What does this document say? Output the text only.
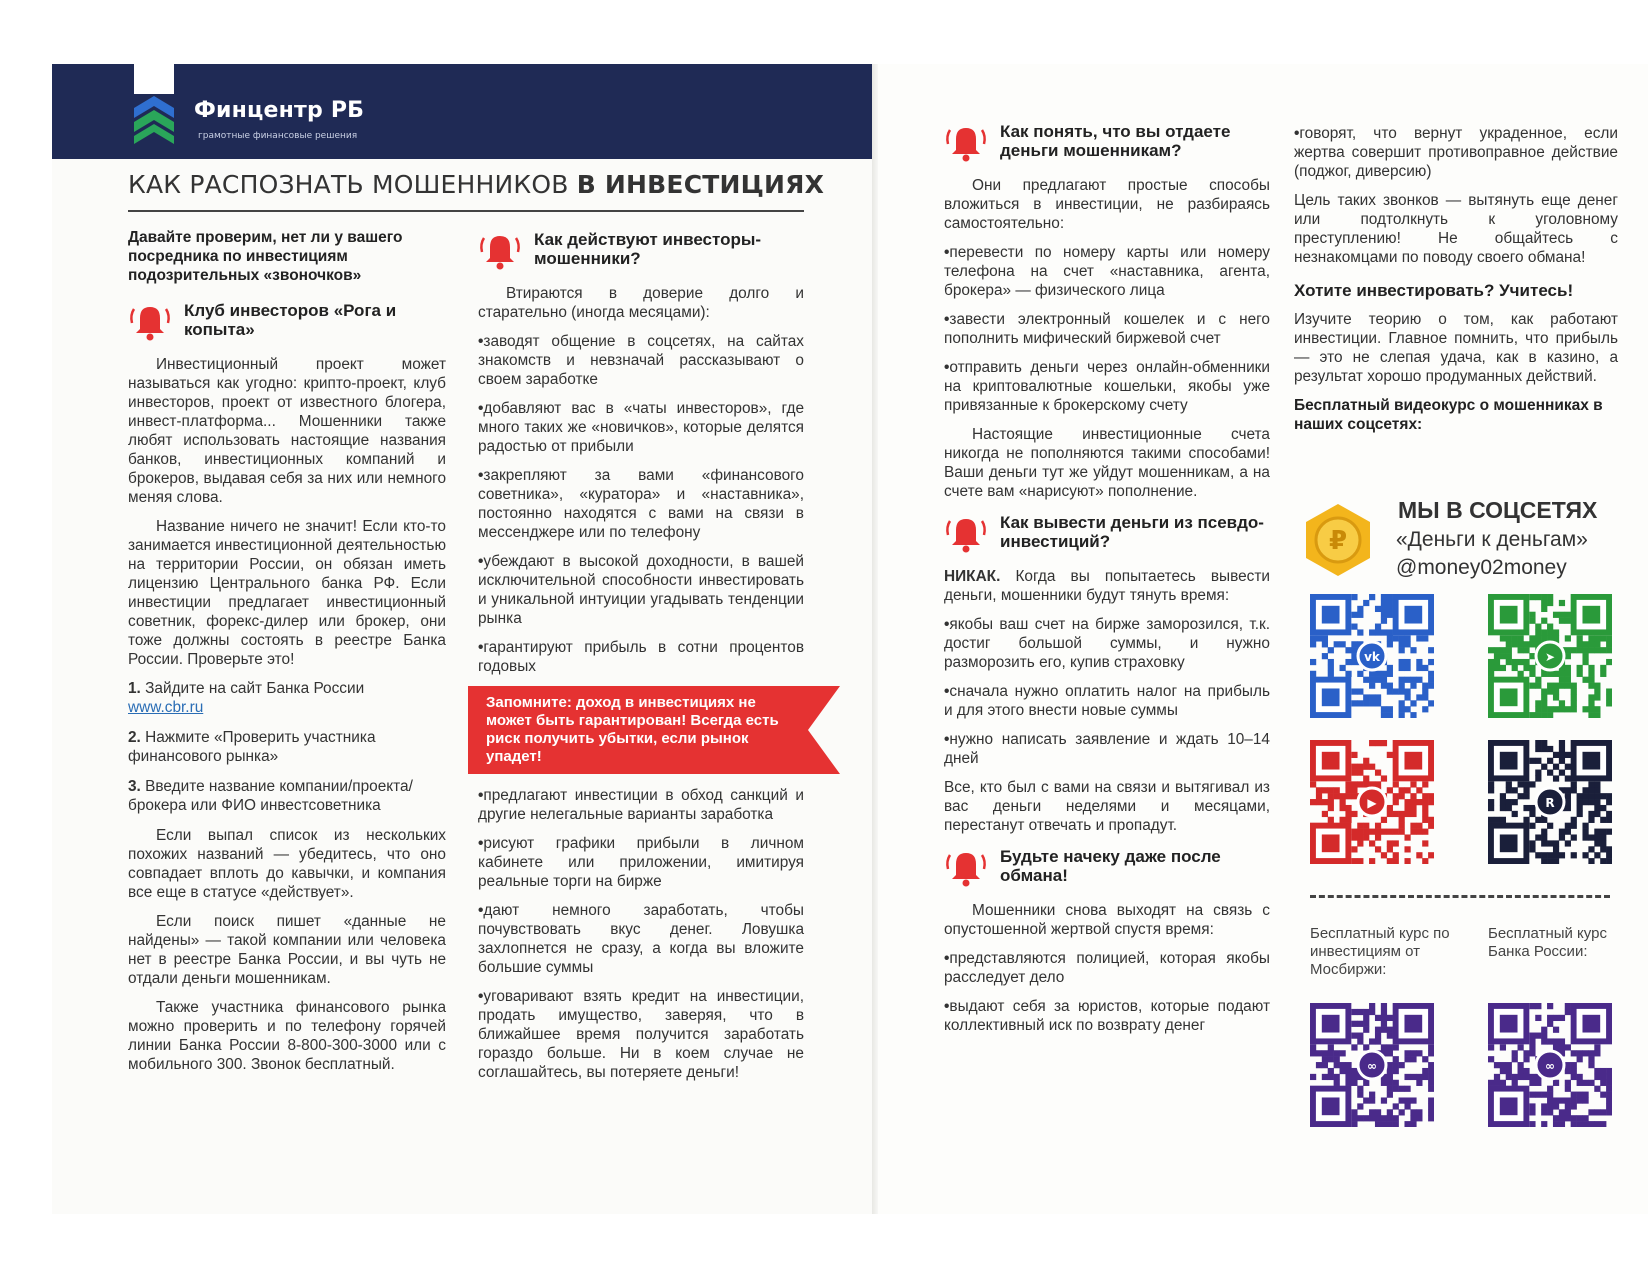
Финцентр РБ
грамотные финансовые решения
КАК РАСПОЗНАТЬ МОШЕННИКОВ В ИНВЕСТИЦИЯХ
Давайте проверим, нет ли у вашего посредника по инвестициям подозрительных «звоночков»
Клуб инвесторов «Рога и копыта»

Инвестиционный проект может называться как угодно: крипто-проект, клуб инвесторов, проект от известного блогера, инвест-платформа... Мошенники также любят использовать настоящие названия банков, инвестиционных компаний и брокеров, выдавая себя за них или немного меняя слова.

Название ничего не значит! Если кто-то занимается инвестиционной деятельностью на территории России, он обязан иметь лицензию Центрального банка РФ. Если инвестиции предлагает инвестиционный советник, форекс-дилер или брокер, они тоже должны состоять в реестре Банка России. Проверьте это!

1. Зайдите на сайт Банка России
www.cbr.ru
2. Нажмите «Проверить участника финансового рынка»
3. Введите название компании/проекта/брокера или ФИО инвестсоветника

Если выпал список из нескольких похожих названий — убедитесь, что оно совпадает вплоть до кавычки, и компания все еще в статусе «действует».

Если поиск пишет «данные не найдены» — такой компании или человека нет в реестре Банка России, и вы чуть не отдали деньги мошенникам.

Также участника финансового рынка можно проверить и по телефону горячей линии Банка России 8-800-300-3000 или с мобильного 300. Звонок бесплатный.

Как действуют инвесторы-мошенники?

Втираются в доверие долго и старательно (иногда месяцами):

• заводят общение в соцсетях, на сайтах знакомств и невзначай рассказывают о своем заработке

• добавляют вас в «чаты инвесторов», где много таких же «новичков», которые делятся радостью от прибыли

• закрепляют за вами «финансового советника», «куратора» и «наставника», постоянно находятся с вами на связи в мессенджере или по телефону

• убеждают в высокой доходности, в вашей исключительной способности инвестировать и уникальной интуиции угадывать тенденции рынка

• гарантируют прибыль в сотни процентов годовых

Запомните: доход в инвестициях не может быть гарантирован! Всегда есть риск получить убытки, если рынок упадет!

• предлагают инвестиции в обход санкций и другие нелегальные варианты заработка

• рисуют графики прибыли в личном кабинете или приложении, имитируя реальные торги на бирже

• дают немного заработать, чтобы почувствовать вкус денег. Ловушка захлопнется не сразу, а когда вы вложите большие суммы

• уговаривают взять кредит на инвестиции, продать имущество, заверяя, что в ближайшее время получится заработать гораздо больше. Ни в коем случае не соглашайтесь, вы потеряете деньги!

Как понять, что вы отдаете деньги мошенникам?

Они предлагают простые способы вложиться в инвестиции, не разбираясь самостоятельно:

• перевести по номеру карты или номеру телефона на счет «наставника, агента, брокера» — физического лица

• завести электронный кошелек и с него пополнить мифический биржевой счет

• отправить деньги через онлайн-обменники на криптовалютные кошельки, якобы уже привязанные к брокерскому счету

Настоящие инвестиционные счета никогда не пополняются такими способами! Ваши деньги тут же уйдут мошенникам, а на счете вам «нарисуют» пополнение.

Как вывести деньги из псевдо-инвестиций?

НИКАК. Когда вы попытаетесь вывести деньги, мошенники будут тянуть время:

• якобы ваш счет на бирже заморозился, т.к. достиг большой суммы, и нужно разморозить его, купив страховку

• сначала нужно оплатить налог на прибыль и для этого внести новые суммы

• нужно написать заявление и ждать 10–14 дней

Все, кто был с вами на связи и вытягивал из вас деньги неделями и месяцами, перестанут отвечать и пропадут.

Будьте начеку даже после обмана!

Мошенники снова выходят на связь с опустошенной жертвой спустя время:

• представляются полицией, которая якобы расследует дело

• выдают себя за юристов, которые подают коллективный иск по возврату денег

• говорят, что вернут украденное, если жертва совершит противоправное действие (поджог, диверсию)

Цель таких звонков — вытянуть еще денег или подтолкнуть к уголовному преступлению! Не общайтесь с незнакомцами по поводу своего обмана!

Хотите инвестировать? Учитесь!

Изучите теорию о том, как работают инвестиции. Главное помнить, что прибыль — это не слепая удача, как в казино, а результат хорошо продуманных действий.

Бесплатный видеокурс о мошенниках в наших соцсетях:
₽
МЫ В СОЦСЕТЯХ
«Деньги к деньгам»
@money02money
vk	➤
▶	R
Бесплатный курс по инвестициям от Мосбиржи:
Бесплатный курс Банка России:
∞	∞
